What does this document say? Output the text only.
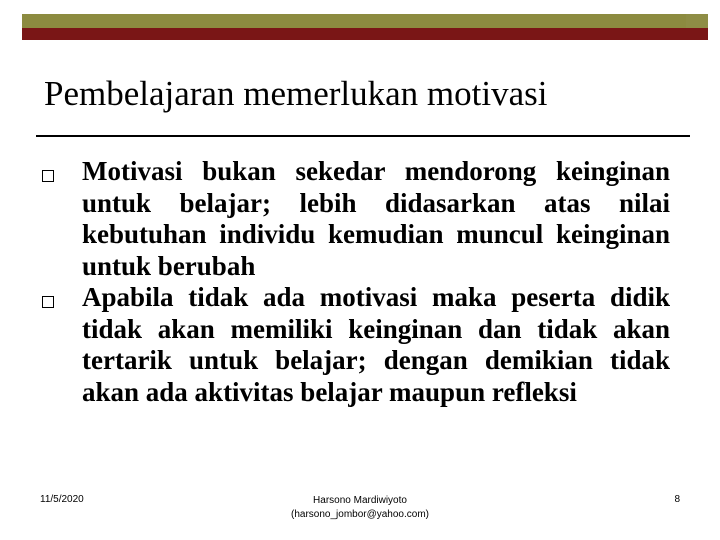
Pembelajaran memerlukan motivasi
Motivasi bukan sekedar mendorong keinginan untuk belajar; lebih didasarkan atas nilai kebutuhan individu kemudian muncul keinginan untuk berubah
Apabila tidak ada motivasi maka peserta didik tidak akan memiliki keinginan dan tidak akan tertarik untuk belajar; dengan demikian tidak akan ada aktivitas belajar maupun refleksi
11/5/2020	Harsono Mardiwiyoto
(harsono_jombor@yahoo.com)
8
